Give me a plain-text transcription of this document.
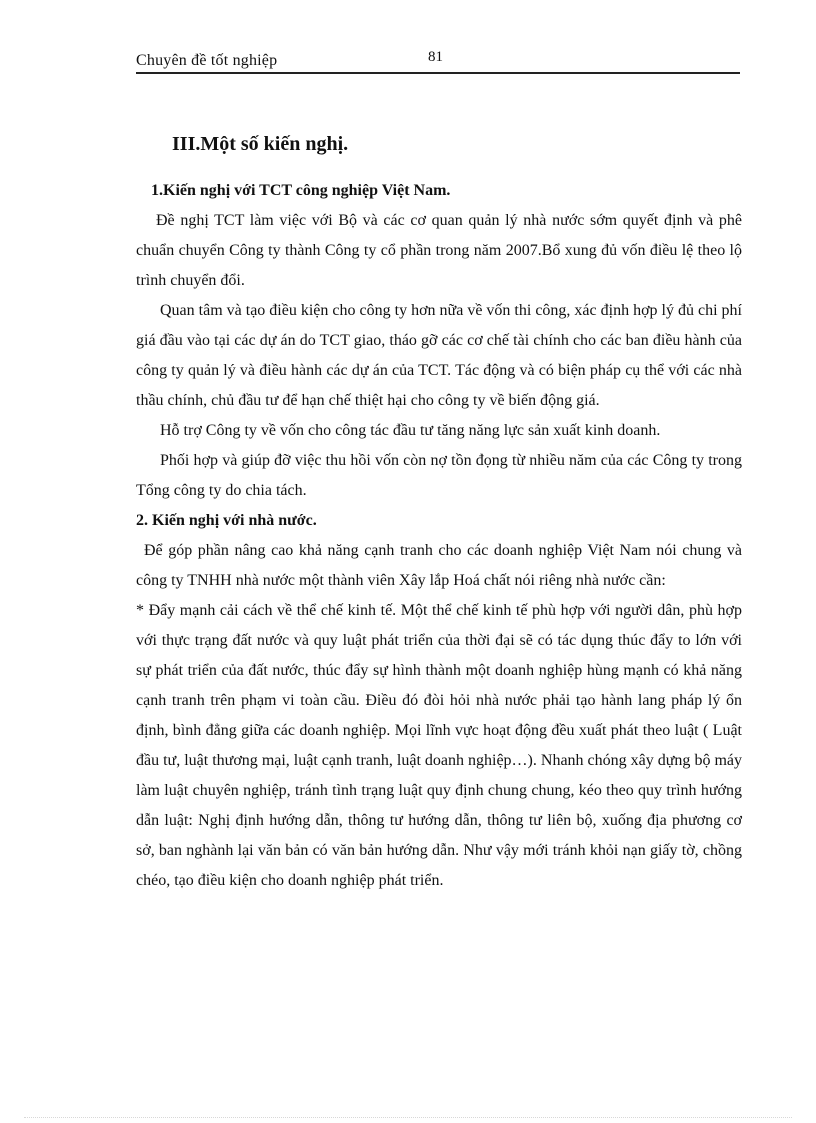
Chuyên đề tốt nghiệp	81
III.Một số kiến nghị.
1.Kiến nghị với TCT công nghiệp Việt Nam.

Đề nghị TCT làm việc với Bộ và các cơ quan quản lý nhà nước sớm quyết định và phê chuẩn chuyển Công ty thành Công ty cổ phần trong năm 2007.Bổ xung đủ vốn điều lệ theo lộ trình chuyển đổi.

Quan tâm và tạo điều kiện cho công ty hơn nữa về vốn thi công, xác định hợp lý đủ chi phí giá đầu vào tại các dự án do TCT giao, tháo gỡ các cơ chế tài chính cho các ban điều hành của công ty quản lý và điều hành các dự án của TCT. Tác động và có biện pháp cụ thể với các nhà thầu chính, chủ đầu tư để hạn chế thiệt hại cho công ty về biến động giá.

Hỗ trợ Công ty về vốn cho công tác đầu tư tăng năng lực sản xuất kinh doanh.

Phối hợp và giúp đỡ việc thu hồi vốn còn nợ tồn đọng từ nhiều năm của các Công ty trong Tổng công ty do chia tách.

2. Kiến nghị với nhà nước.

Để góp phần nâng cao khả năng cạnh tranh cho các doanh nghiệp Việt Nam nói chung và công ty TNHH nhà nước một thành viên Xây lắp Hoá chất nói riêng nhà nước cần:

* Đẩy mạnh cải cách về thể chế kinh tế. Một thể chế kinh tế phù hợp với người dân, phù hợp với thực trạng đất nước và quy luật phát triển của thời đại sẽ có tác dụng thúc đẩy to lớn với sự phát triển của đất nước, thúc đẩy sự hình thành một doanh nghiệp hùng mạnh có khả năng cạnh tranh trên phạm vi toàn cầu. Điều đó đòi hỏi nhà nước phải tạo hành lang pháp lý ổn định, bình đẳng giữa các doanh nghiệp. Mọi lĩnh vực hoạt động đều xuất phát theo luật ( Luật đầu tư, luật thương mại, luật cạnh tranh, luật doanh nghiệp…). Nhanh chóng xây dựng bộ máy làm luật chuyên nghiệp, tránh tình trạng luật quy định chung chung, kéo theo quy trình hướng dẫn luật: Nghị định hướng dẫn, thông tư hướng dẫn, thông tư liên bộ, xuống địa phương cơ sở, ban nghành lại văn bản có văn bản hướng dẫn. Như vậy mới tránh khỏi nạn giấy tờ, chồng chéo, tạo điều kiện cho doanh nghiệp phát triển.
